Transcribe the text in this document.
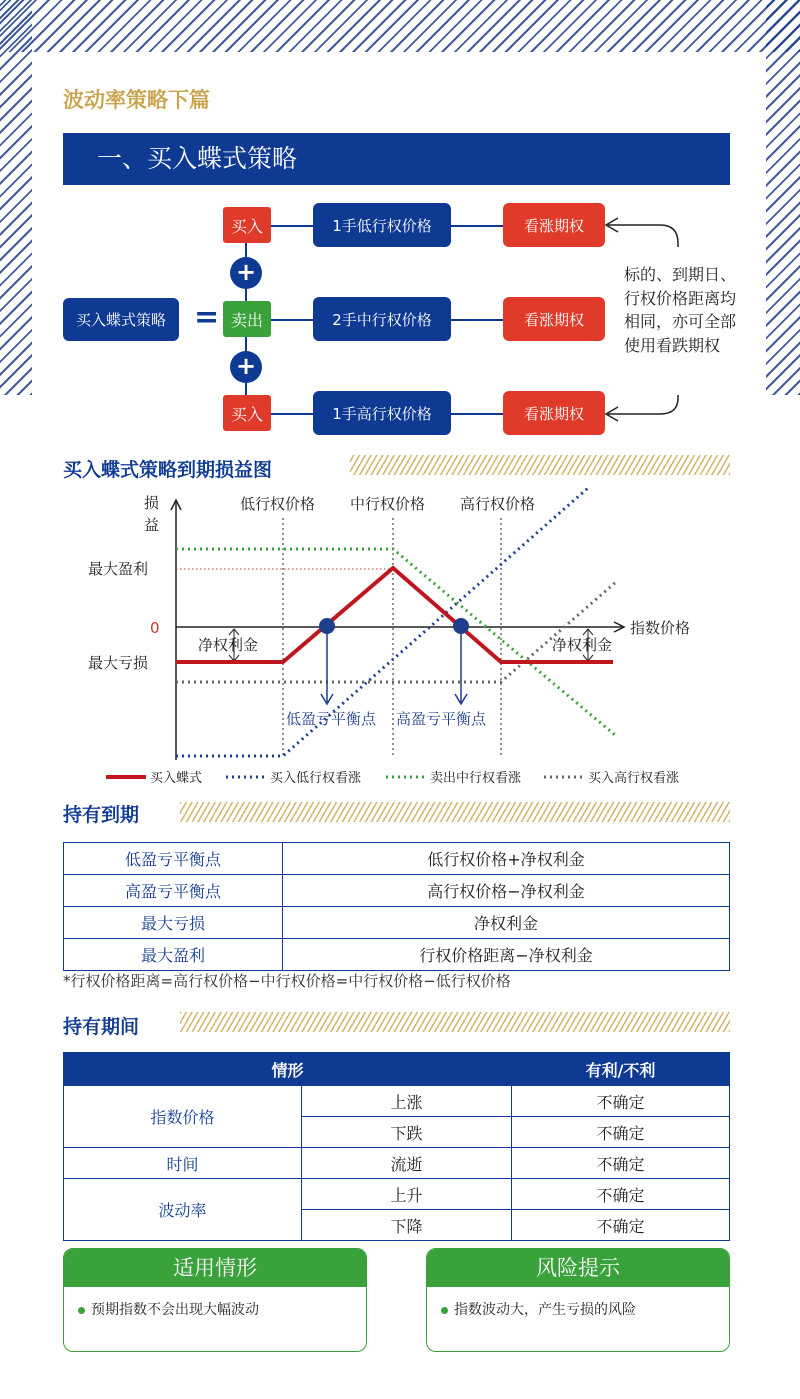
波动率策略下篇
一、买入蝶式策略
买入蝶式策略 =
买入
卖出
买入
+
+
1手低行权价格
2手中行权价格
1手高行权价格
看涨期权
看涨期权
看涨期权
标的、到期日、行权价格距离均相同，亦可全部使用看跌期权
买入蝶式策略到期损益图
损
益
指数价格
低行权价格 中行权价格 高行权价格
最大盈利
0
最大亏损
净权利金	净权利金
低盈亏平衡点 高盈亏平衡点
买入蝶式	买入低行权看涨	卖出中行权看涨	买入高行权看涨
持有到期
低盈亏平衡点	低行权价格+净权利金
高盈亏平衡点	高行权价格−净权利金
最大亏损	净权利金
最大盈利	行权价格距离−净权利金
*行权价格距离=高行权价格−中行权价格=中行权价格−低行权价格
持有期间
情形		有利/不利
指数价格	上涨	不确定
	下跌	不确定
时间	流逝	不确定
波动率	上升	不确定
	下降	不确定
适用情形
预期指数不会出现大幅波动
风险提示
指数波动大，产生亏损的风险
